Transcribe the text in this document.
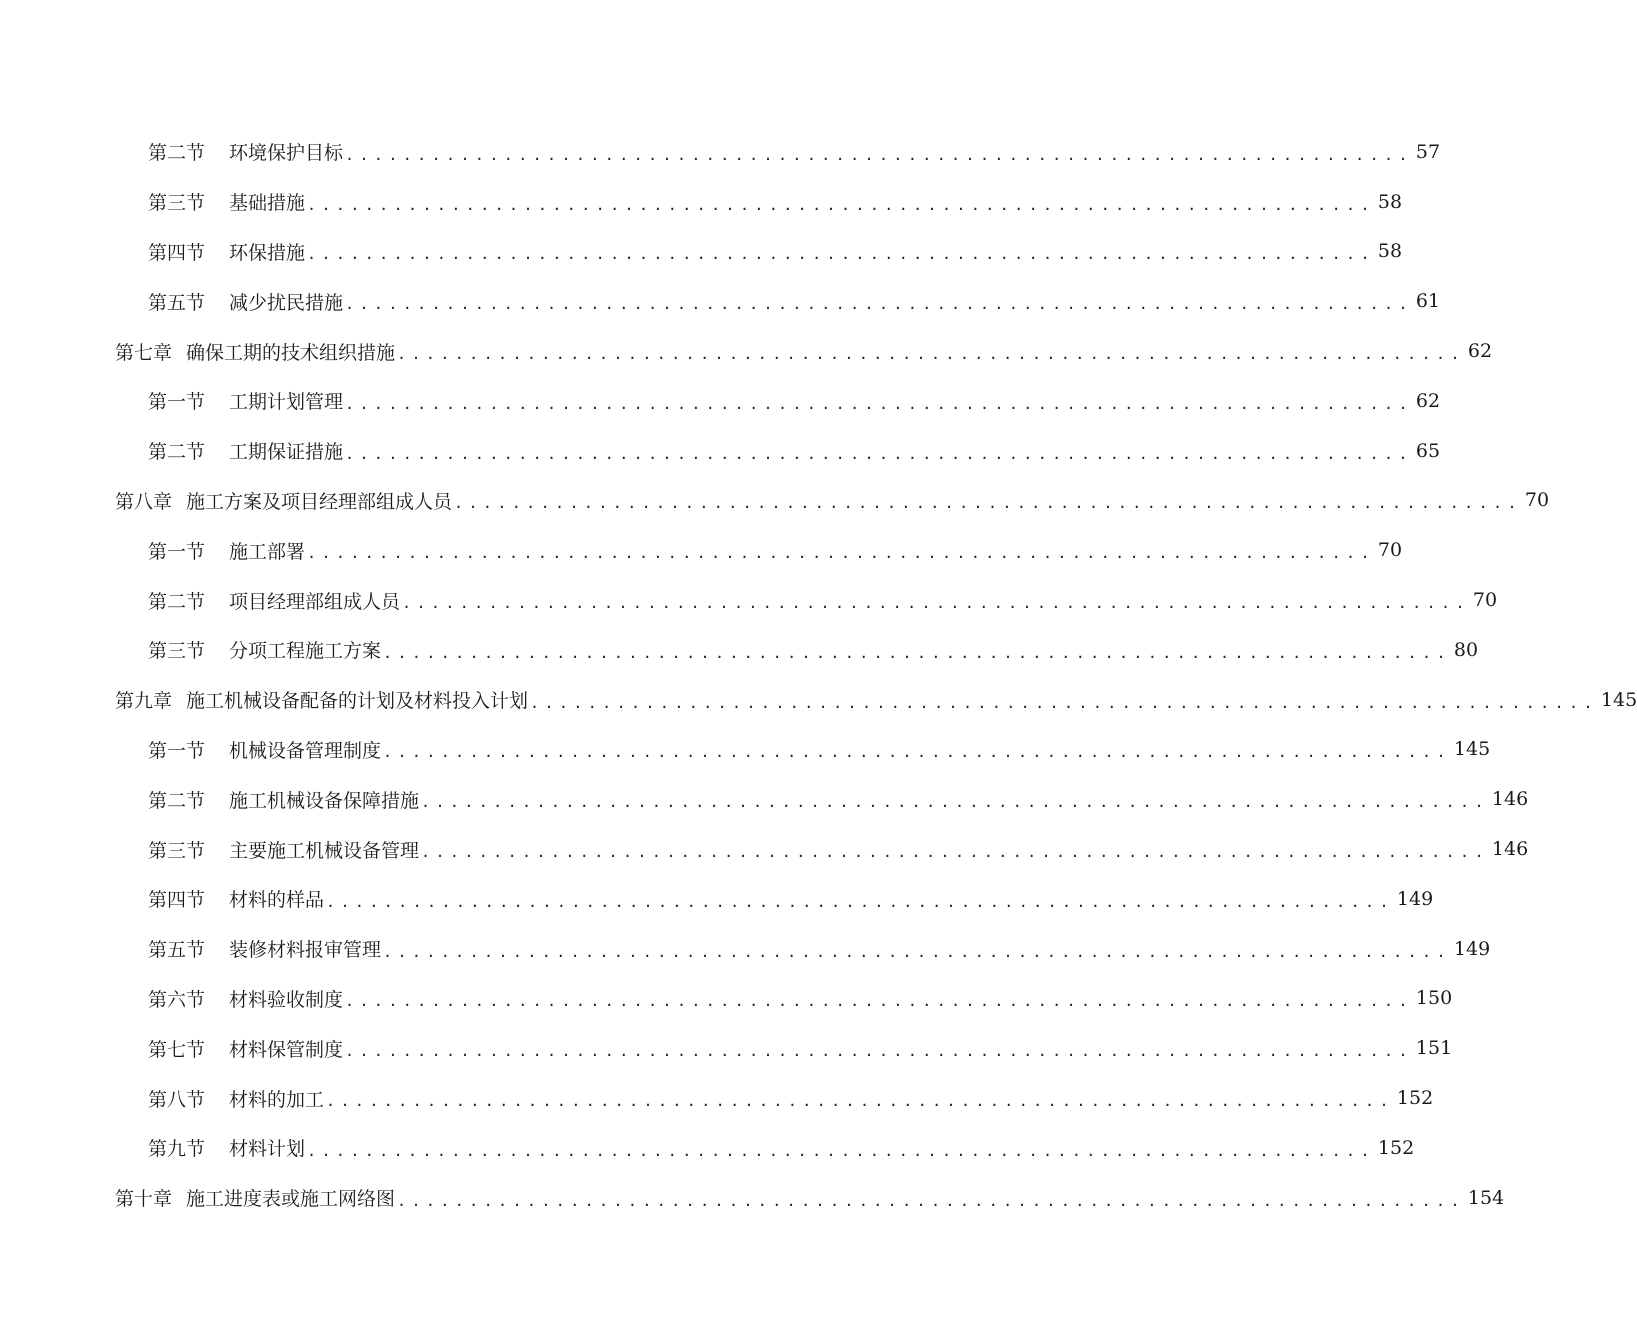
第二节 环境保护目标 .......................................................................... 57
第三节 基础措施 .......................................................................... 58
第四节 环保措施 .......................................................................... 58
第五节 减少扰民措施 .......................................................................... 61
第七章 确保工期的技术组织措施 .......................................................................... 62
第一节 工期计划管理 .......................................................................... 62
第二节 工期保证措施 .......................................................................... 65
第八章 施工方案及项目经理部组成人员 .......................................................................... 70
第一节 施工部署 .......................................................................... 70
第二节 项目经理部组成人员 .......................................................................... 70
第三节 分项工程施工方案 .......................................................................... 80
第九章 施工机械设备配备的计划及材料投入计划 .......................................................................... 145
第一节 机械设备管理制度 .......................................................................... 145
第二节 施工机械设备保障措施 .......................................................................... 146
第三节 主要施工机械设备管理 .......................................................................... 146
第四节 材料的样品 .......................................................................... 149
第五节 装修材料报审管理 .......................................................................... 149
第六节 材料验收制度 .......................................................................... 150
第七节 材料保管制度 .......................................................................... 151
第八节 材料的加工 .......................................................................... 152
第九节 材料计划 .......................................................................... 152
第十章 施工进度表或施工网络图 .......................................................................... 154
